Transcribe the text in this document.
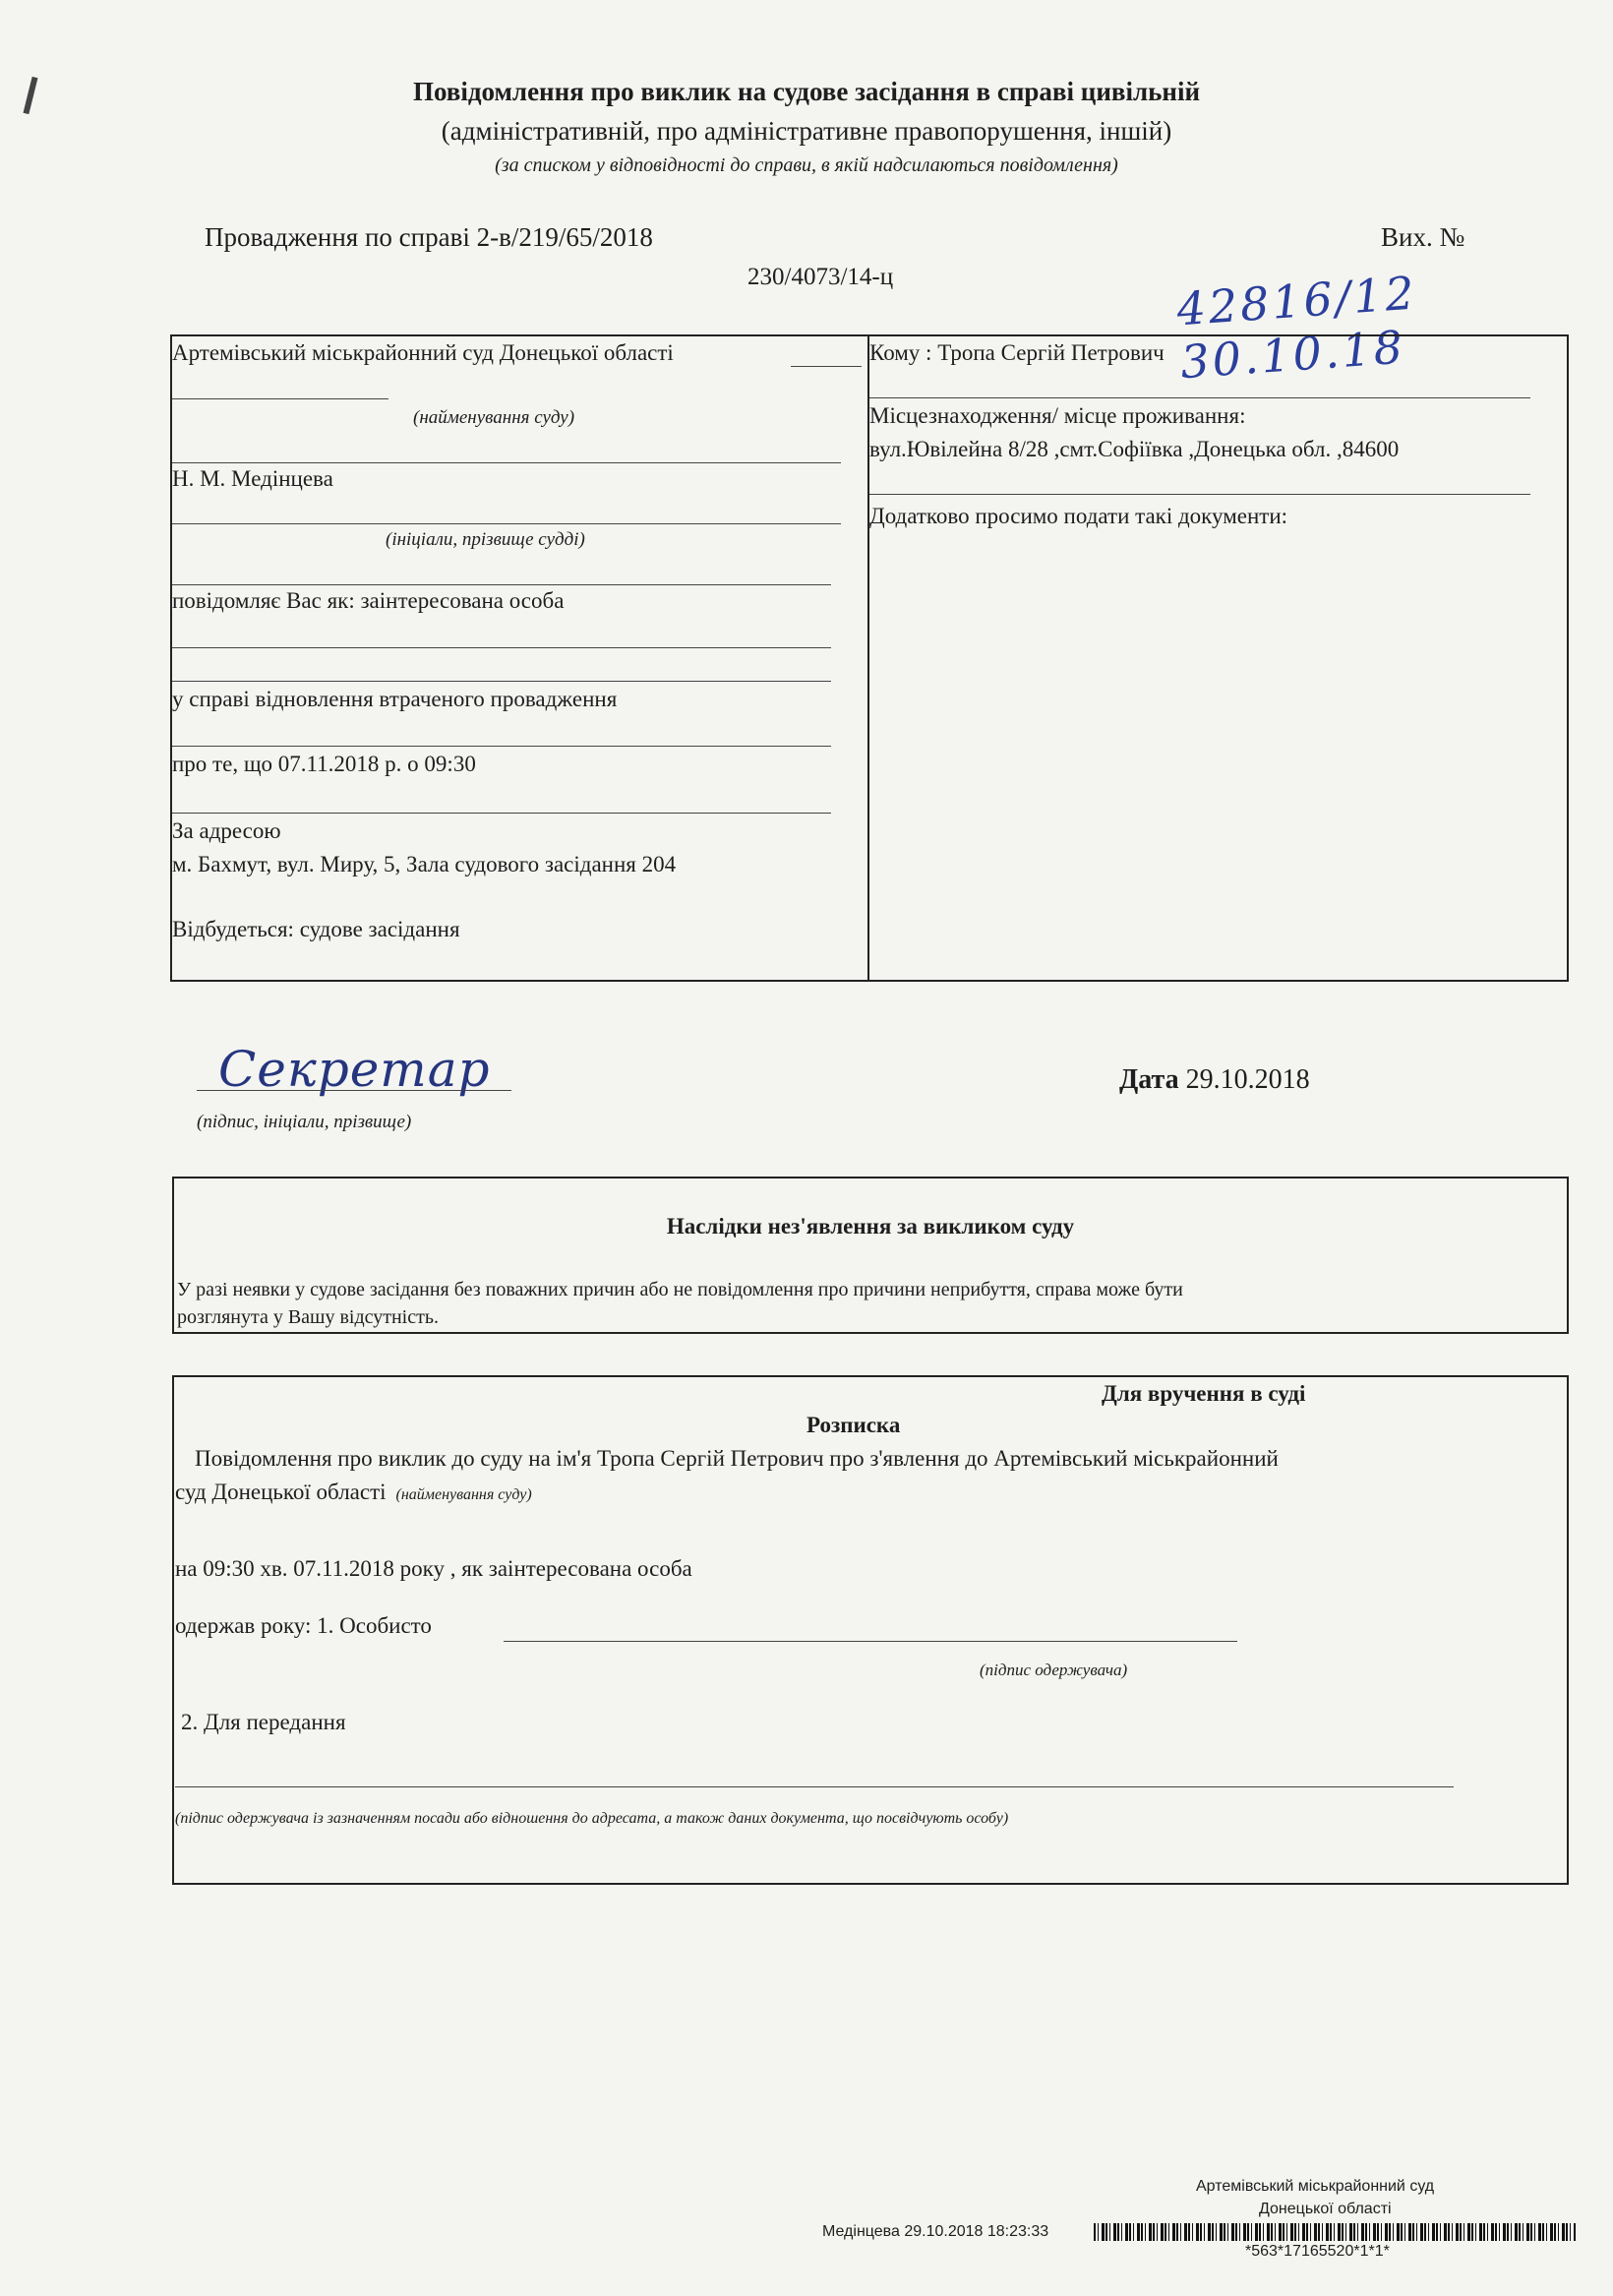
Повідомлення про виклик на судове засідання в справі цивільній
(адміністративній, про адміністративне правопорушення, іншій)
(за списком у відповідності до справи, в якій надсилаються повідомлення)
Провадження по справі 2-в/219/65/2018	Вих. №
230/4073/14-ц	42816/12 30.10.18
Артемівський міськрайонний суд Донецької області
(найменування суду)
Н. М. Медінцева
(ініціали, прізвище судді)
повідомляє Вас як: заінтересована особа
у справі відновлення втраченого провадження
про те, що 07.11.2018 р. о 09:30
За адресою
м. Бахмут, вул. Миру, 5, Зала судового засідання 204
Відбудеться: судове засідання
Кому : Тропа Сергій Петрович
Місцезнаходження/ місце проживання:
вул.Ювілейна 8/28 ,смт.Софіївка ,Донецька обл. ,84600
Додатково просимо подати такі документи:
Секретар
(підпис, ініціали, прізвище)
Дата 29.10.2018
Наслідки нез'явлення за викликом суду
У разі неявки у судове засідання без поважних причин або не повідомлення про причини неприбуття, справа може бути
розглянута у Вашу відсутність.
Для вручення в суді
Розписка
Повідомлення про виклик до суду на ім'я Тропа Сергій Петрович про з'явлення до Артемівський міськрайонний
суд Донецької області (найменування суду)
на 09:30 хв. 07.11.2018 року , як заінтересована особа
одержав року: 1. Особисто
(підпис одержувача)
2. Для передання
(підпис одержувача із зазначенням посади або відношення до адресата, а також даних документа, що посвідчують особу)
Артемівський міськрайонний суд
Донецької області
Медінцева 29.10.2018 18:23:33
*563*17165520*1*1*
